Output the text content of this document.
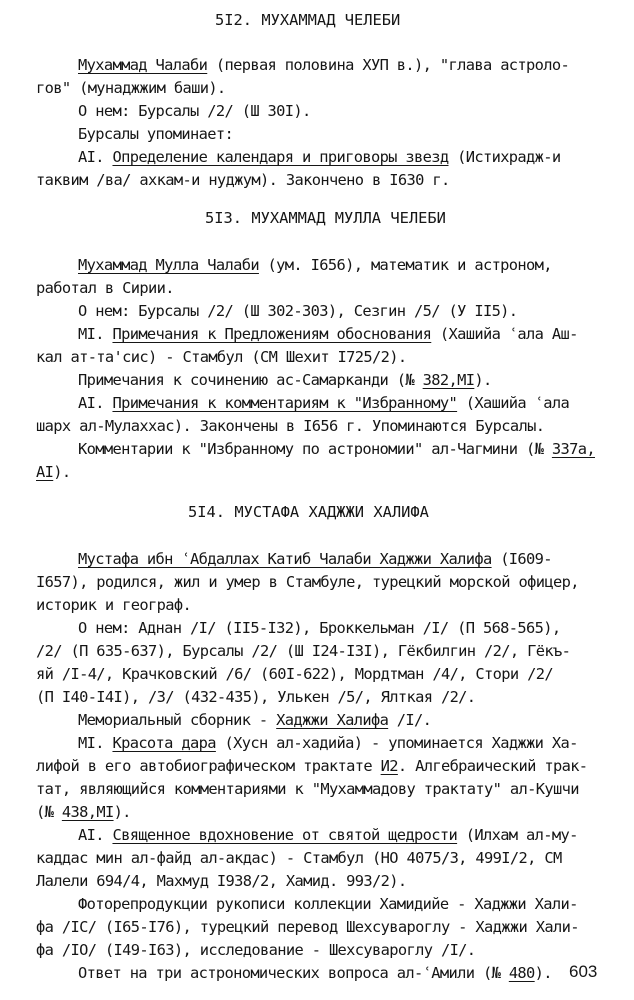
5I2. МУХАММАД ЧЕЛЕБИ
Мухаммад Чалаби (первая половина ХУП в.), "глава астроло-
гов" (мунаджжим баши).
О нем: Бурсалы /2/ (Ш 30I).
Бурсалы упоминает:
AI. Определение календаря и приговоры звезд (Истихрадж-и
таквим /ва/ ахкам-и нуджум). Закончено в I630 г.
5I3. МУХАММАД МУЛЛА ЧЕЛЕБИ
Мухаммад Мулла Чалаби (ум. I656), математик и астроном,
работал в Сирии.
О нем: Бурсалы /2/ (Ш 302-303), Сезгин /5/ (У II5).
MI. Примечания к Предложениям обоснования (Хашийа ʿала Аш-
кал ат-та'сис) - Стамбул (СМ Шехит I725/2).
Примечания к сочинению ас-Самарканди (№ 382,MI).
AI. Примечания к комментариям к "Избранному" (Хашийа ʿала
шарх ал-Мулаххас). Закончены в I656 г. Упоминаются Бурсалы.
Комментарии к "Избранному по астрономии" ал-Чагмини (№ 337а,
AI).
5I4. МУСТАФА ХАДЖЖИ ХАЛИФА
Мустафа ибн ʿАбдаллах Катиб Чалаби Хаджжи Халифа (I609-
I657), родился, жил и умер в Стамбуле, турецкий морской офицер,
историк и географ.
О нем: Аднан /I/ (II5-I32), Броккельман /I/ (П 568-565),
/2/ (П 635-637), Бурсалы /2/ (Ш I24-I3I), Гёкбилгин /2/, Гёкъ-
яй /I-4/, Крачковский /6/ (60I-622), Мордтман /4/, Стори /2/
(П I40-I4I), /3/ (432-435), Улькен /5/, Ялткая /2/.
Мемориальный сборник - Хаджжи Халифа /I/.
MI. Красота дара (Хусн ал-хадийа) - упоминается Хаджжи Ха-
лифой в его автобиографическом трактате И2. Алгебраический трак-
тат, являющийся комментариями к "Мухаммадову трактату" ал-Кушчи
(№ 438,MI).
AI. Священное вдохновение от святой щедрости (Илхам ал-му-
каддас мин ал-файд ал-акдас) - Стамбул (НО 4075/3, 499I/2, СМ
Лалели 694/4, Махмуд I938/2, Хамид. 993/2).
Фоторепродукции рукописи коллекции Хамидийе - Хаджжи Хали-
фа /IC/ (I65-I76), турецкий перевод Шехсувароглу - Хаджжи Хали-
фа /IO/ (I49-I63), исследование - Шехсувароглу /I/.
Ответ на три астрономических вопроса ал-ʿАмили (№ 480). 603
